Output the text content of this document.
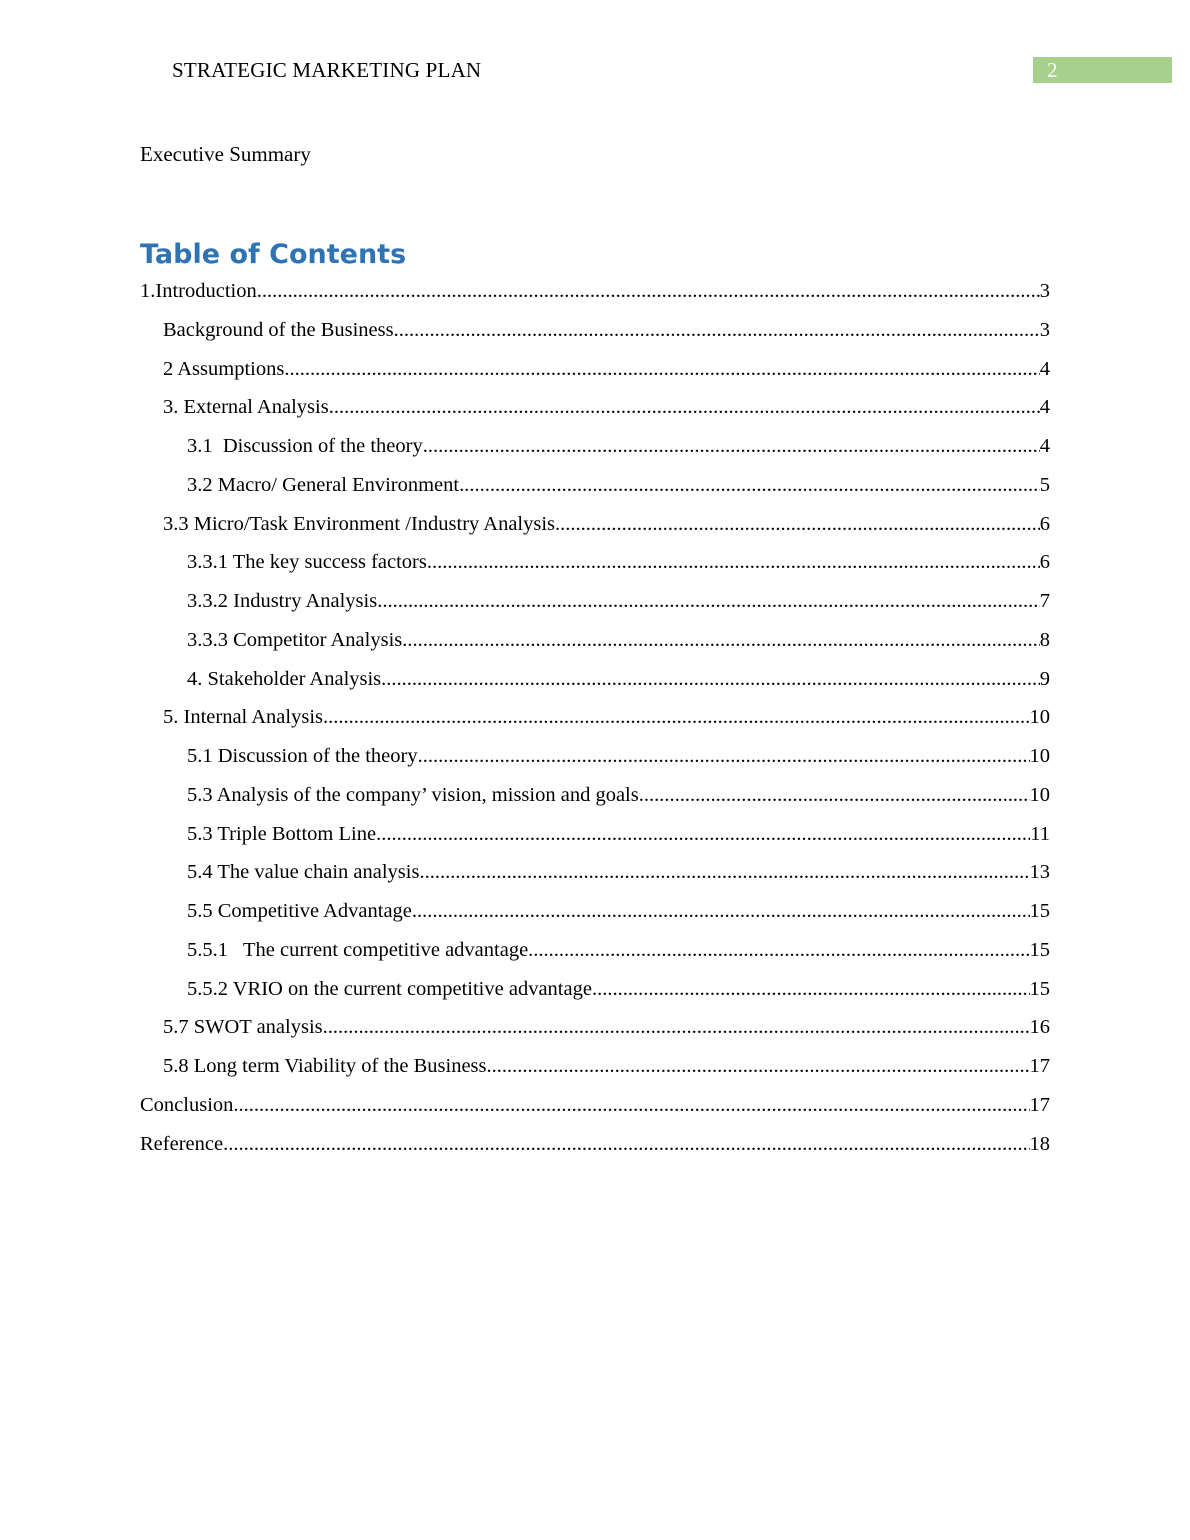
STRATEGIC MARKETING PLAN	2
Executive Summary
Table of Contents
1.Introduction .....	3
Background of the Business .....	3
2 Assumptions .....	4
3. External Analysis .....	4
3.1  Discussion of the theory .....	4
3.2 Macro/ General Environment .....	5
3.3 Micro/Task Environment /Industry Analysis .....	6
3.3.1 The key success factors .....	6
3.3.2 Industry Analysis .....	7
3.3.3 Competitor Analysis .....	8
4. Stakeholder Analysis .....	9
5. Internal Analysis .....	10
5.1 Discussion of the theory .....	10
5.3 Analysis of the company’ vision, mission and goals .....	10
5.3 Triple Bottom Line .....	11
5.4 The value chain analysis .....	13
5.5 Competitive Advantage .....	15
5.5.1   The current competitive advantage .....	15
5.5.2 VRIO on the current competitive advantage .....	15
5.7 SWOT analysis .....	16
5.8 Long term Viability of the Business .....	17
Conclusion .....	17
Reference .....	18
